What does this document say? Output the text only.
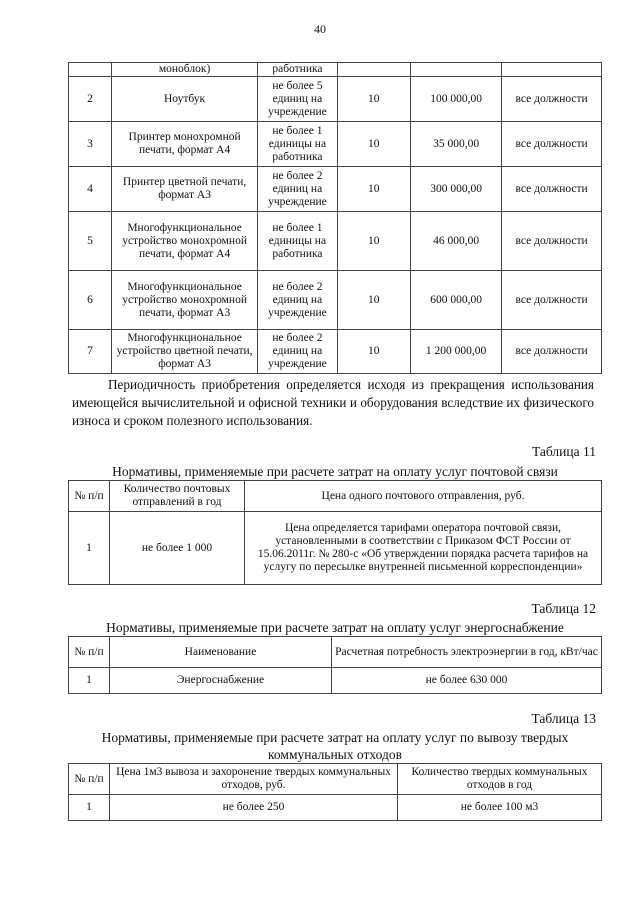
40
	моноблок)	работника			
2	Ноутбук	не более 5 единиц на учреждение	10	100 000,00	все должности
3	Принтер монохромной печати, формат А4	не более 1 единицы на работника	10	35 000,00	все должности
4	Принтер цветной печати, формат А3	не более 2 единиц на учреждение	10	300 000,00	все должности
5	Многофункциональное устройство монохромной печати, формат А4	не более 1 единицы на работника	10	46 000,00	все должности
6	Многофункциональное устройство монохромной печати, формат А3	не более 2 единиц на учреждение	10	600 000,00	все должности
7	Многофункциональное устройство цветной печати, формат А3	не более 2 единиц на учреждение	10	1 200 000,00	все должности
Периодичность приобретения определяется исходя из прекращения использования имеющейся вычислительной и офисной техники и оборудования вследствие их физического износа и сроком полезного использования.
Таблица 11
Нормативы, применяемые при расчете затрат на оплату услуг почтовой связи
№ п/п	Количество почтовых отправлений в год	Цена одного почтового отправления, руб.
1	не более 1 000	Цена определяется тарифами оператора почтовой связи, установленными в соответствии с Приказом ФСТ России от 15.06.2011г. № 280-с «Об утверждении порядка расчета тарифов на услугу по пересылке внутренней письменной корреспонденции»
Таблица 12
Нормативы, применяемые при расчете затрат на оплату услуг энергоснабжение
№ п/п	Наименование	Расчетная потребность электроэнергии в год, кВт/час
1	Энергоснабжение	не более 630 000
Таблица 13
Нормативы, применяемые при расчете затрат на оплату услуг по вывозу твердых коммунальных отходов
№ п/п	Цена 1м3 вывоза и захоронение твердых коммунальных отходов, руб.	Количество твердых коммунальных отходов в год
1	не более 250	не более 100 м3
